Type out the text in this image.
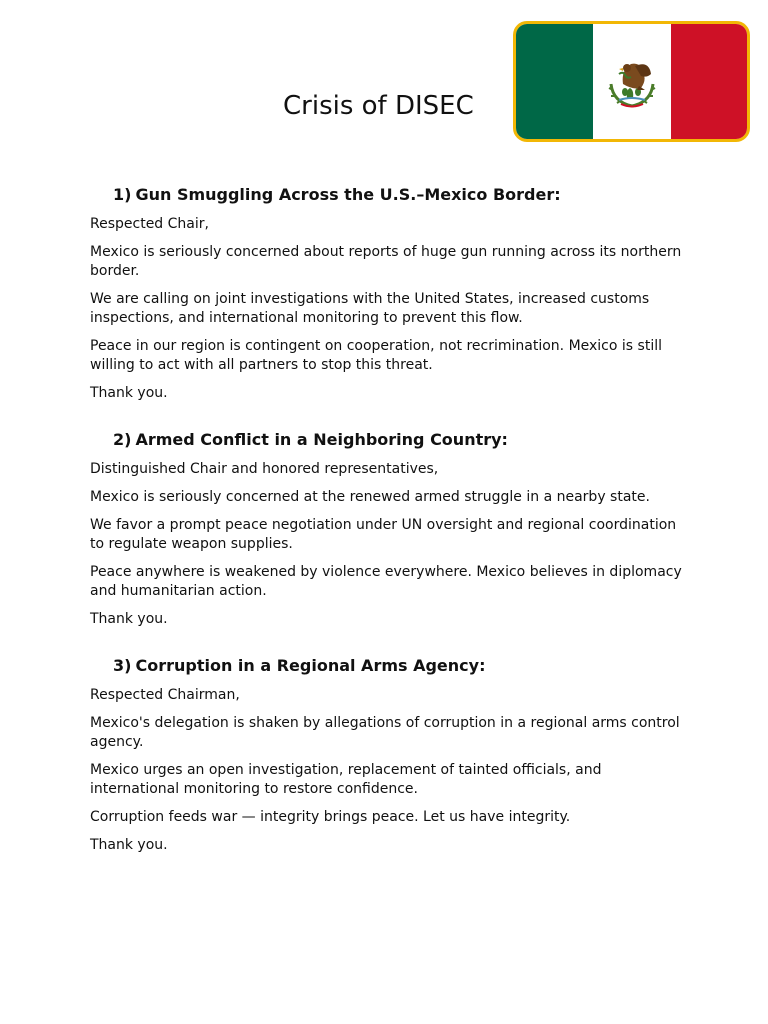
Crisis of DISEC
1) Gun Smuggling Across the U.S.–Mexico Border:

Respected Chair,

Mexico is seriously concerned about reports of huge gun running across its northern border.

We are calling on joint investigations with the United States, increased customs inspections, and international monitoring to prevent this flow.

Peace in our region is contingent on cooperation, not recrimination. Mexico is still willing to act with all partners to stop this threat.

Thank you.

2) Armed Conflict in a Neighboring Country:

Distinguished Chair and honored representatives,

Mexico is seriously concerned at the renewed armed struggle in a nearby state.

We favor a prompt peace negotiation under UN oversight and regional coordination to regulate weapon supplies.

Peace anywhere is weakened by violence everywhere. Mexico believes in diplomacy and humanitarian action.

Thank you.

3) Corruption in a Regional Arms Agency:

Respected Chairman,

Mexico's delegation is shaken by allegations of corruption in a regional arms control agency.

Mexico urges an open investigation, replacement of tainted officials, and international monitoring to restore confidence.

Corruption feeds war — integrity brings peace. Let us have integrity.

Thank you.
